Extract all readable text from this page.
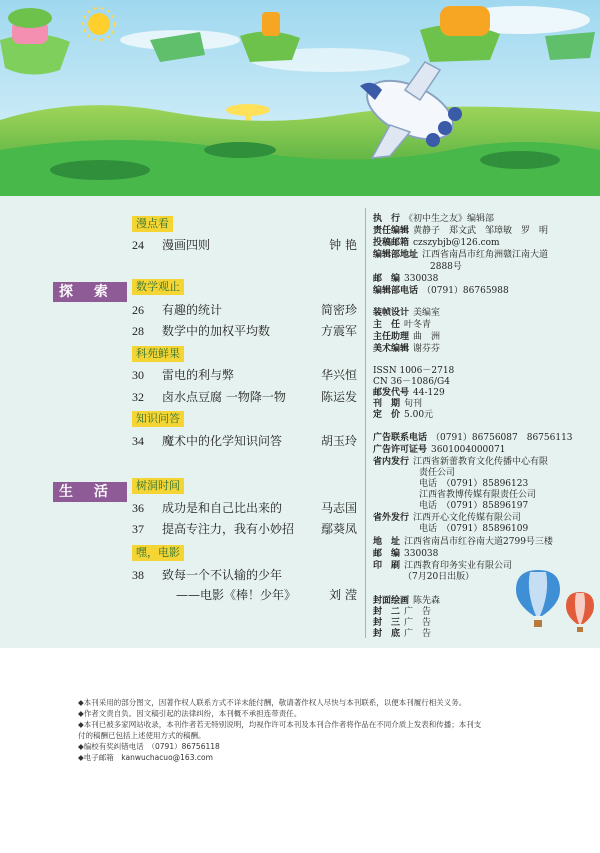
探 索
生 活
漫点看
24 漫画四则	钟 艳
数学观止
26 有趣的统计	简密珍
28 数学中的加权平均数	方震军
科苑鲜果
30 雷电的利与弊	华兴恒
32 卤水点豆腐 一物降一物	陈运发
知识问答
34 魔术中的化学知识问答	胡玉玲
树洞时间
36 成功是和自己比出来的	马志国
37 提高专注力，我有小妙招 鄢葵凤
嘿，电影
38 致每一个不认输的少年
——电影《棒！少年》	刘 滢
执　行 《初中生之友》编辑部
责任编辑 黄静子　郑文武　邹璋敏　罗　明
投稿邮箱 czszybjb@126.com
编辑部地址 江西省南昌市红角洲赣江南大道
2888号
邮　编 330038
编辑部电话 （0791）86765988
装帧设计 美编室
主　任 叶冬青
主任助理 曲　洲
美术编辑 谢芬芬
ISSN 1006－2718
CN 36－1086/G4
邮发代号 44-129
刊　期 旬刊
定　价 5.00元
广告联系电话 （0791）86756087　86756113
广告许可证号 3601004000071
省内发行 江西省新蕾教育文化传播中心有限
责任公司
电话　（0791）85896123
江西省教博传媒有限责任公司
电话　（0791）85896197
省外发行 江西开心文化传媒有限公司
电话　（0791）85896109
地　址 江西省南昌市红谷南大道2799号三楼
邮　编 330038
印　刷 江西教育印务实业有限公司
（7月20日出版）
封面绘画 陈先森
封　二 广　告
封　三 广　告
封　底 广　告
◆本刊采用的部分图文，因著作权人联系方式不详未能付酬，敬请著作权人尽快与本刊联系，以便本刊履行相关义务。
◆作者文责自负。因文稿引起的法律纠纷，本刊概不承担连带责任。
◆本刊已被多家网站收录，本刊作者若无特别说明，均视作许可本刊及本刊合作者将作品在不同介质上发表和传播；本刊支
付的稿酬已包括上述使用方式的稿酬。
◆编校有奖纠错电话　（0791）86756118
◆电子邮箱　kanwuchacuo@163.com
